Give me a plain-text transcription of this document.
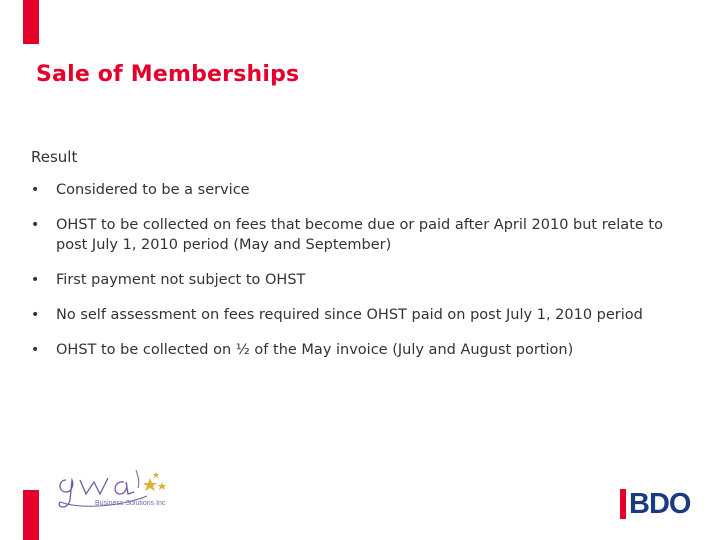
Sale of Memberships
Result
• Considered to be a service
• OHST to be collected on fees that become due or paid after April 2010 but relate to post July 1, 2010 period (May and September)
• First payment not subject to OHST
• No self assessment on fees required since OHST paid on post July 1, 2010 period
• OHST to be collected on ½ of the May invoice (July and August portion)
Business Solutions Inc	BDO
